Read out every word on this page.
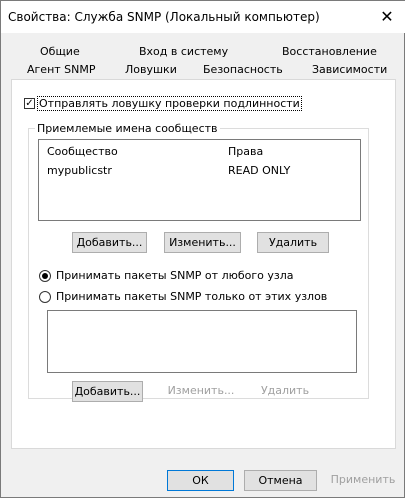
Свойства: Служба SNMP (Локальный компьютер)	✕
Общие	Вход в систему	Восстановление
Агент SNMP	Ловушки Безопасность	Зависимости
✓ Отправлять ловушку проверки подлинности
Приемлемые имена сообществ
Сообщество	Права
mypublicstr	READ ONLY
Добавить...	Изменить...	Удалить
Принимать пакеты SNMP от любого узла
Принимать пакеты SNMP только от этих узлов
Добавить... Изменить... Удалить
ОК	Отмена	Применить
